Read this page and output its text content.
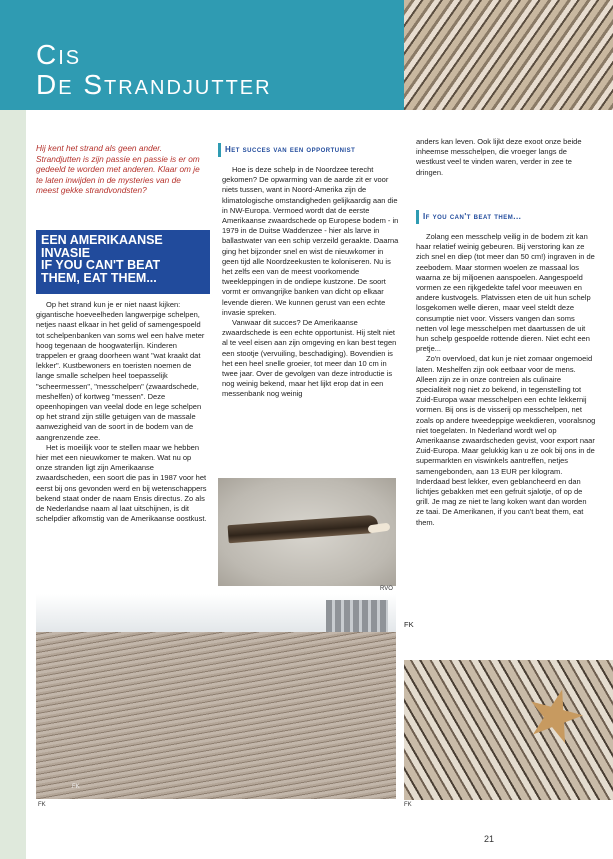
Cis
De Strandjutter
Hij kent het strand als geen ander. Strandjutten is zijn passie en passie is er om gedeeld te worden met anderen. Klaar om je te laten inwijden in de mysteries van de meest gekke strandvondsten?
EEN AMERIKAANSE
INVASIE
IF YOU CAN'T BEAT
THEM, EAT THEM...

Op het strand kun je er niet naast kijken: gigantische hoeveelheden langwerpige schelpen, netjes naast elkaar in het gelid of samengespoeld tot schelpenbanken van soms wel een halve meter hoog tegenaan de hoogwaterlijn. Kinderen trappelen er graag doorheen want "wat kraakt dat lekker". Kustbewoners en toeristen noemen de lange smalle schelpen heel toepasselijk "scheermessen", "messchelpen" (zwaardschede, meshelfen) of kortweg "messen". Deze opeenhopingen van veelal dode en lege schelpen op het strand zijn stille getuigen van de massale aanwezigheid van de soort in de bodem van de aangrenzende zee.

Het is moeilijk voor te stellen maar we hebben hier met een nieuwkomer te maken. Wat nu op onze stranden ligt zijn Amerikaanse zwaardscheden, een soort die pas in 1987 voor het eerst bij ons gevonden werd en bij wetenschappers bekend staat onder de naam Ensis directus. Zo als de Nederlandse naam al laat uitschijnen, is dit schelpdier afkomstig van de Amerikaanse oostkust.

Het succes van een opportunist

Hoe is deze schelp in de Noordzee terecht gekomen? De opwarming van de aarde zit er voor niets tussen, want in Noord-Amerika zijn de klimatologische omstandigheden gelijkaardig aan die in NW-Europa. Vermoed wordt dat de eerste Amerikaanse zwaardschede op Europese bodem - in 1979 in de Duitse Waddenzee - hier als larve in ballastwater van een schip verzeild geraakte. Daarna ging het bijzonder snel en wist de nieuwkomer in geen tijd alle Noordzeekusten te koloniseren. Nu is het zelfs een van de meest voorkomende tweekleppingen in de ondiepe kustzone. De soort vormt er omvangrijke banken van dicht op elkaar levende dieren. We kunnen gerust van een echte invasie spreken.

Vanwaar dit succes? De Amerikaanse zwaardschede is een echte opportunist. Hij stelt niet al te veel eisen aan zijn omgeving en kan best tegen een stootje (vervuiling, beschadiging). Bovendien is het een heel snelle groeier, tot meer dan 10 cm in twee jaar. Over de gevolgen van deze introductie is nog weinig bekend, maar het lijkt erop dat in een messenbank nog weinig

RVO
FK
FK
anders kan leven. Ook lijkt deze exoot onze beide inheemse messchelpen, die vroeger langs de westkust veel te vinden waren, verder in zee te dringen.
If you can't beat them...

Zolang een messchelp veilig in de bodem zit kan haar relatief weinig gebeuren. Bij verstoring kan ze zich snel en diep (tot meer dan 50 cm!) ingraven in de zeebodem. Maar stormen woelen ze massaal los waarna ze bij miljoenen aanspoelen. Aangespoeld vormen ze een rijkgedekte tafel voor meeuwen en andere kustvogels. Platvissen eten de uit hun schelp losgekomen welle dieren, maar veel steldt deze consumptie niet voor. Vissers vangen dan soms netten vol lege messchelpen met daartussen de uit hun schelp gespoelde rottende dieren. Niet echt een pretje...

Zo'n overvloed, dat kun je niet zomaar ongemoeid laten. Meshelfen zijn ook eetbaar voor de mens. Alleen zijn ze in onze contreien als culinaire specialiteit nog niet zo bekend, in tegenstelling tot Zuid-Europa waar messchelpen een echte lekkernij vormen. Bij ons is de visserij op messchelpen, net zoals op andere tweedeppige weekdieren, vooralsnog niet toegelaten. In Nederland wordt wel op Amerikaanse zwaardscheden gevist, voor export naar Zuid-Europa. Maar gelukkig kan u ze ook bij ons in de supermarkten en viswinkels aantreffen, netjes samengebonden, aan 13 EUR per kilogram. Inderdaad best lekker, even geblancheerd en dan lichtjes gebakken met een gefruit sjalotje, of op de grill. Je mag ze niet te lang koken want dan worden ze taai. De Amerikanen, if you can't beat them, eat them.

FK
★
FK
21
